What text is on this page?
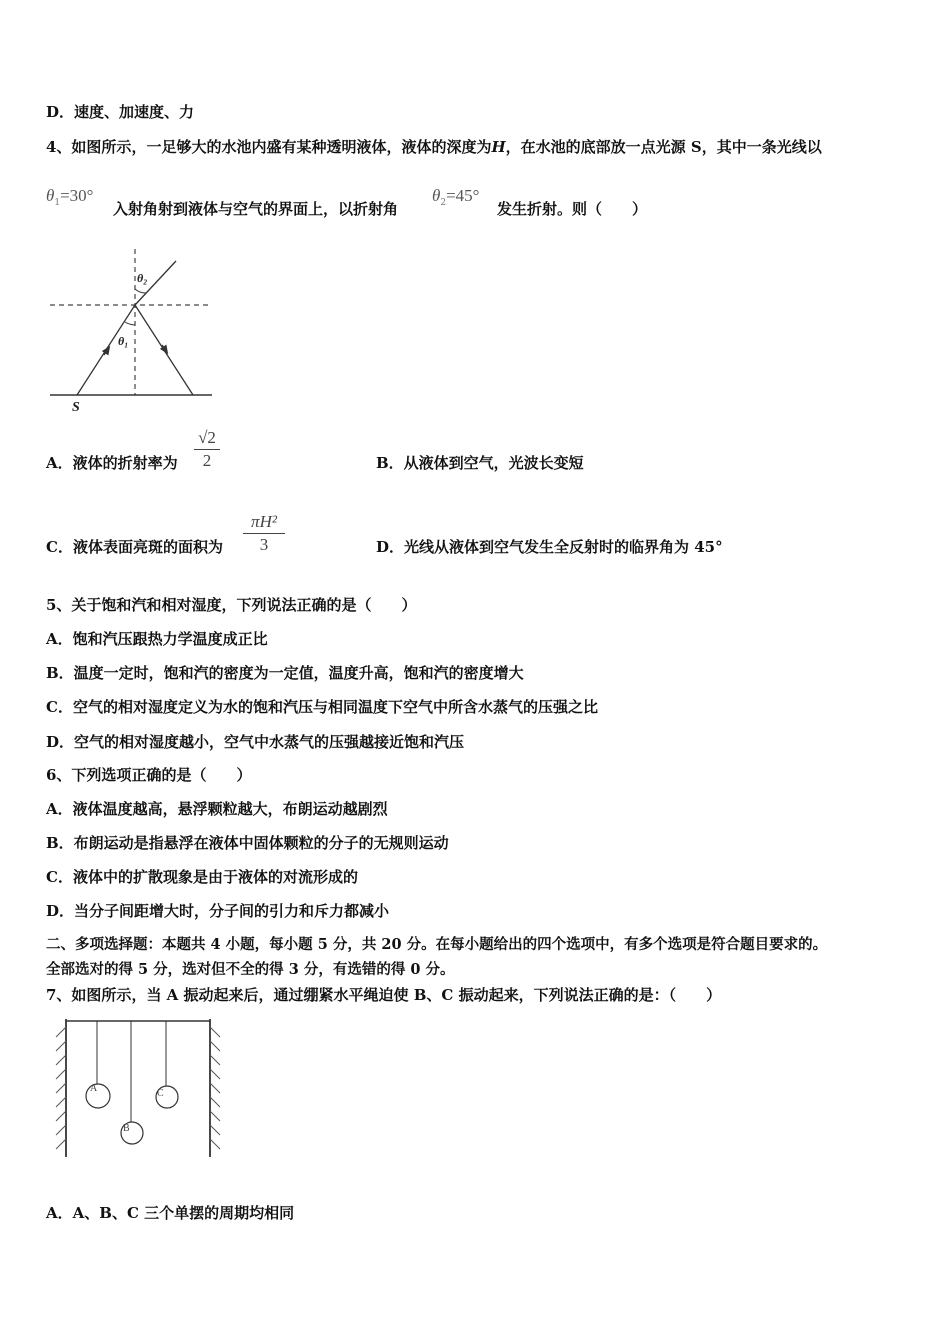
D．速度、加速度、力
4、如图所示，一足够大的水池内盛有某种透明液体，液体的深度为H，在水池的底部放一点光源 S，其中一条光线以
$\theta_1=30^\circ$
入射角射到液体与空气的界面上，以折射角
$\theta_2=45^\circ$
发生折射。则（　　）
θ₁
θ₂
S
A．液体的折射率为
√2
2	B．从液体到空气，光波长变短
C．液体表面亮斑的面积为
πH²
3	D．光线从液体到空气发生全反射时的临界角为 45°
5、关于饱和汽和相对湿度，下列说法正确的是（　　）
A．饱和汽压跟热力学温度成正比
B．温度一定时，饱和汽的密度为一定值，温度升高，饱和汽的密度增大
C．空气的相对湿度定义为水的饱和汽压与相同温度下空气中所含水蒸气的压强之比
D．空气的相对湿度越小，空气中水蒸气的压强越接近饱和汽压
6、下列选项正确的是（　　）
A．液体温度越高，悬浮颗粒越大，布朗运动越剧烈
B．布朗运动是指悬浮在液体中固体颗粒的分子的无规则运动
C．液体中的扩散现象是由于液体的对流形成的
D．当分子间距增大时，分子间的引力和斥力都减小
二、多项选择题：本题共 4 小题，每小题 5 分，共 20 分。在每小题给出的四个选项中，有多个选项是符合题目要求的。
全部选对的得 5 分，选对但不全的得 3 分，有选错的得 0 分。
7、如图所示，当 A 振动起来后，通过绷紧水平绳迫使 B、C 振动起来，下列说法正确的是：（　　）
A
B
C
A．A、B、C 三个单摆的周期均相同
